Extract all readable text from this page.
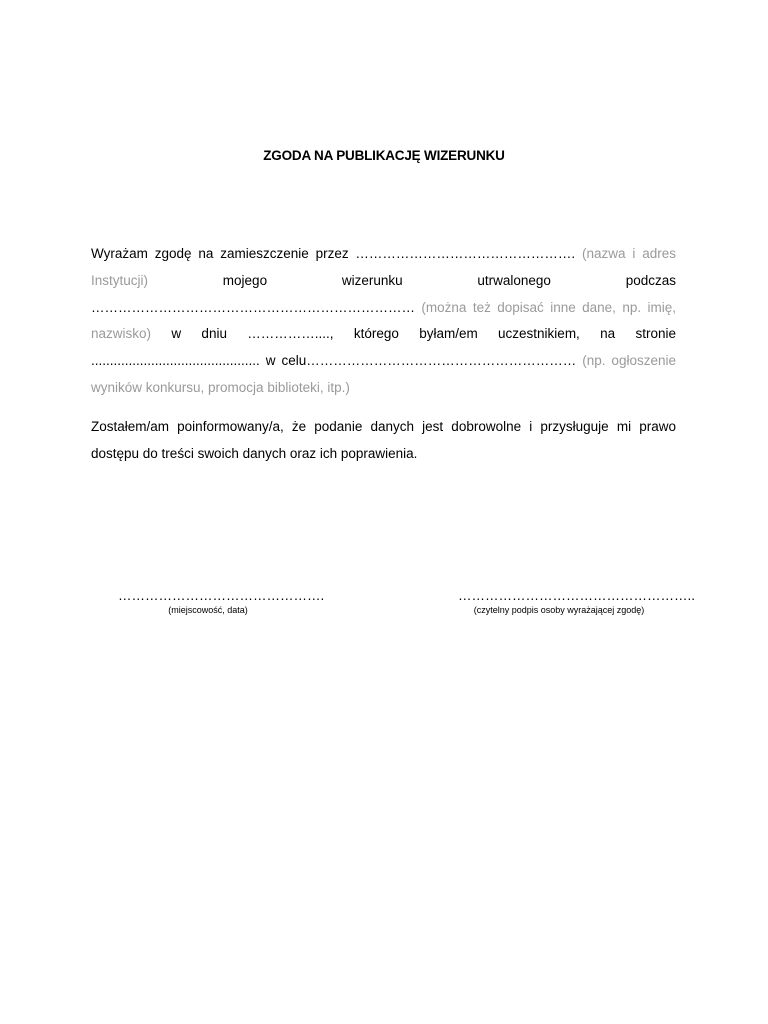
ZGODA NA PUBLIKACJĘ WIZERUNKU
Wyrażam zgodę na zamieszczenie przez …………………………………………. (nazwa i adres Instytucji)	mojego wizerunku utrwalonego podczas ……………………………………………………………… (można też dopisać inne dane, np. imię, nazwisko) w dniu ……………...., którego byłam/em uczestnikiem, na stronie ............................................. w celu…………………………………………………… (np. ogłoszenie wyników konkursu, promocja biblioteki, itp.)
Zostałem/am poinformowany/a, że podanie danych jest dobrowolne i przysługuje mi prawo dostępu do treści swoich danych oraz ich poprawienia.
……………………………………….
(miejscowość, data)
……………………………………………..
(czytelny podpis osoby wyrażającej zgodę)
